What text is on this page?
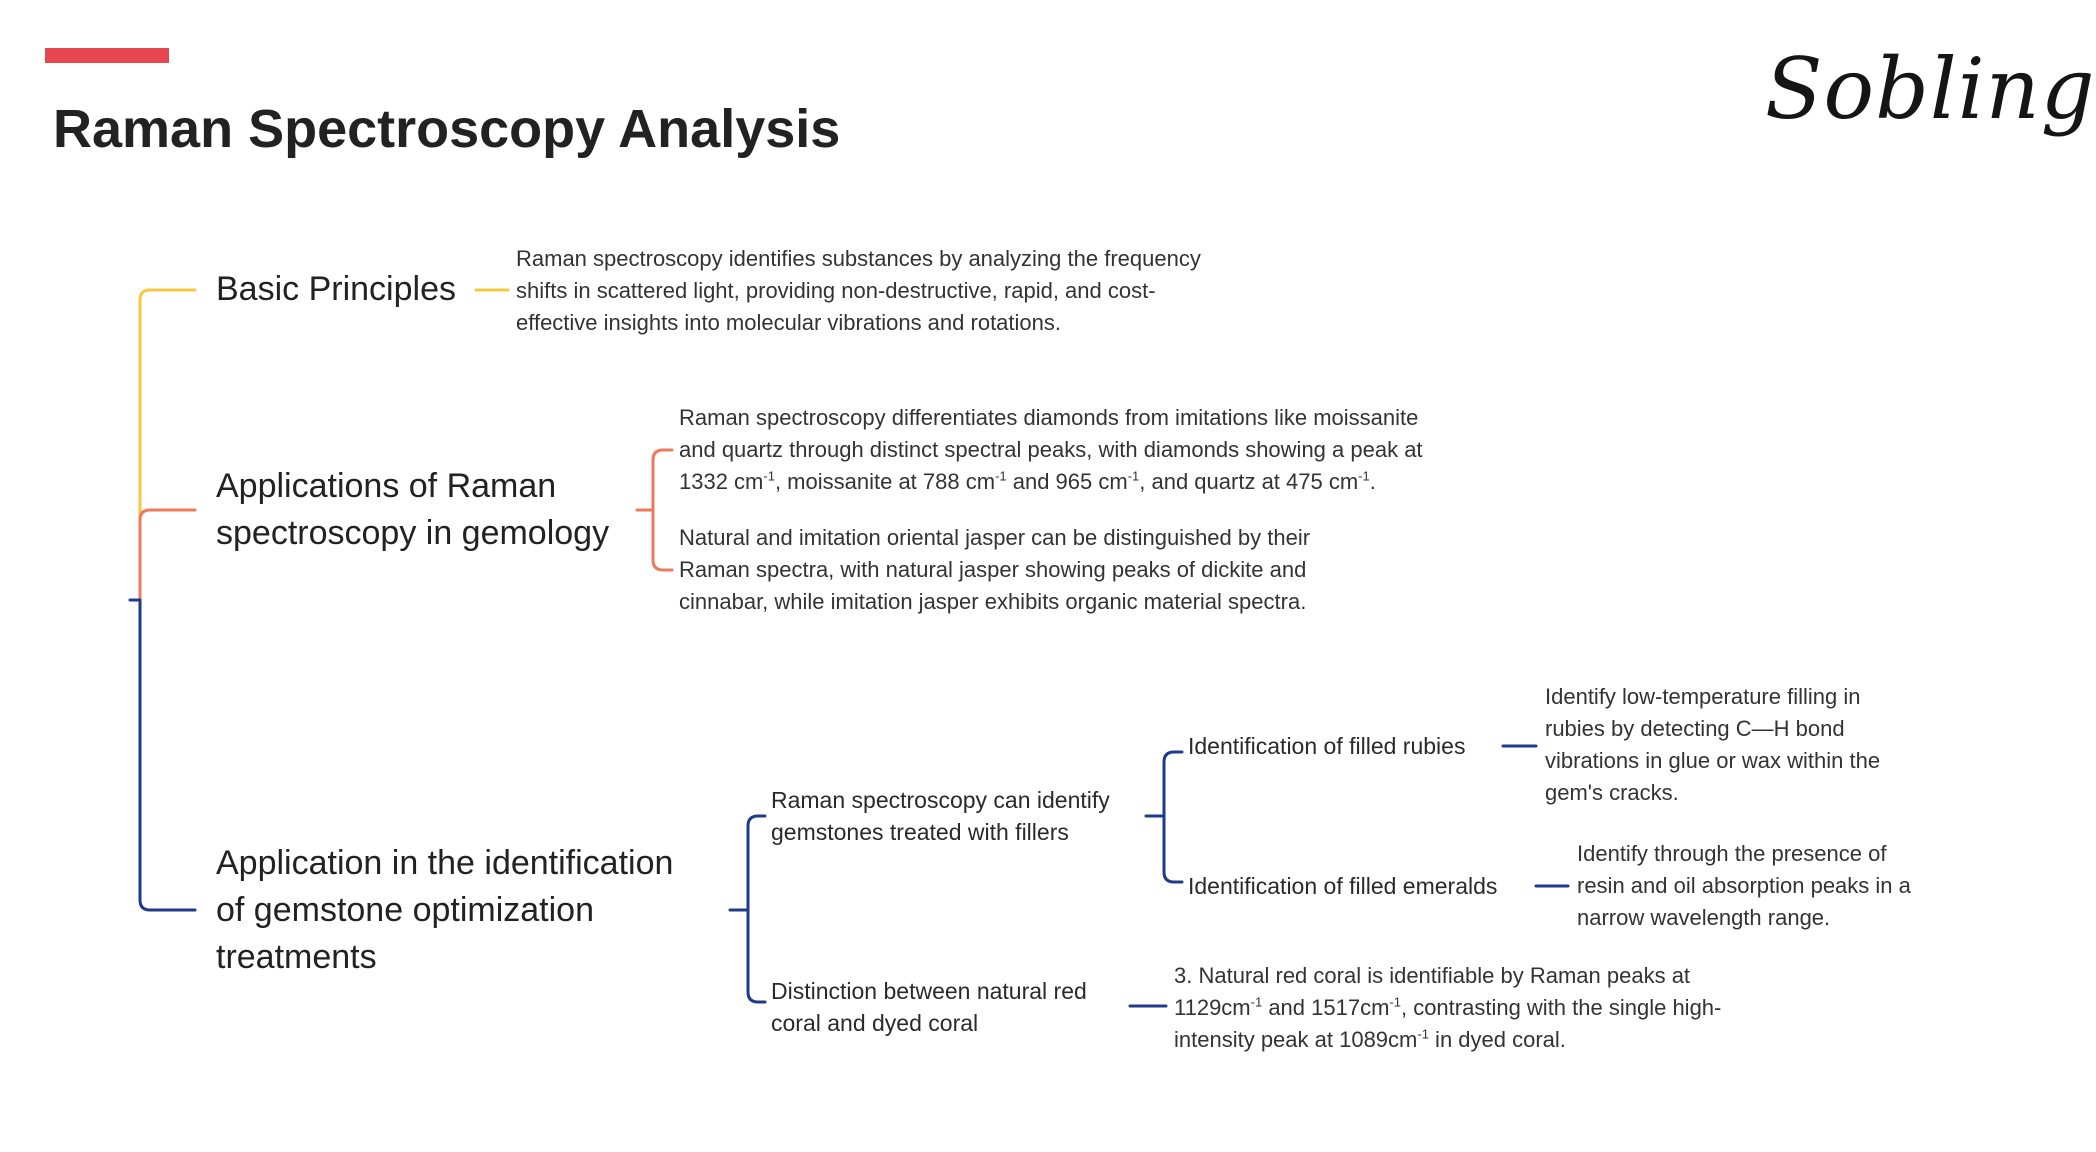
Raman Spectroscopy Analysis	Sobling
Basic Principles
Raman spectroscopy identifies substances by analyzing the frequency
shifts in scattered light, providing non-destructive, rapid, and cost-
effective insights into molecular vibrations and rotations.
Applications of Raman
spectroscopy in gemology
Raman spectroscopy differentiates diamonds from imitations like moissanite
and quartz through distinct spectral peaks, with diamonds showing a peak at
1332 $cm^{-1}$, moissanite at 788 $cm^{-1}$ and 965 $cm^{-1}$, and quartz at 475 $cm^{-1}$.
Natural and imitation oriental jasper can be distinguished by their
Raman spectra, with natural jasper showing peaks of dickite and
cinnabar, while imitation jasper exhibits organic material spectra.
Application in the identification
of gemstone optimization
treatments
Raman spectroscopy can identify
gemstones treated with fillers
Identification of filled rubies
Identify low-temperature filling in
rubies by detecting C—H bond
vibrations in glue or wax within the
gem's cracks.
Identification of filled emeralds
Identify through the presence of
resin and oil absorption peaks in a
narrow wavelength range.
Distinction between natural red
coral and dyed coral
3. Natural red coral is identifiable by Raman peaks at
$1129cm^{-1}$ and $1517cm^{-1}$, contrasting with the single high-
intensity peak at $1089cm^{-1}$ in dyed coral.
